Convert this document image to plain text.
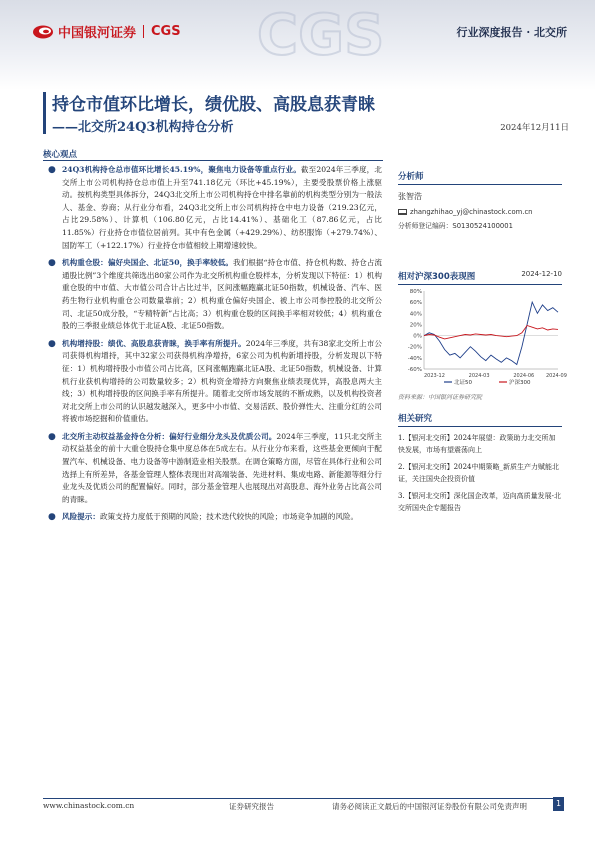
中国银河证券 CGS CGS	行业深度报告 · 北交所
持仓市值环比增长，绩优股、高股息获青睐
——北交所24Q3机构持仓分析	2024年12月11日
核心观点
● 24Q3机构持仓总市值环比增长45.19%，聚焦电力设备等重点行业。截至2024年三季度，北交所上市公司机构持仓总市值上升至741.18亿元（环比+45.19%），主要受股票价格上涨驱动。按机构类型具体拆分，24Q3北交所上市公司机构持仓中排名靠前的机构类型分别为一般法人、基金、券商；从行业分布看，24Q3北交所上市公司机构持仓中电力设备（219.23亿元，占比29.58%）、计算机（106.80亿元，占比14.41%）、基础化工（87.86亿元，占比11.85%）行业持仓市值位居前列。其中有色金属（+429.29%）、纺织服饰（+279.74%）、国防军工（+122.17%）行业持仓市值相较上期增速较快。
● 机构重仓股：偏好央国企、北证50，换手率较低。我们根据“持仓市值、持仓机构数、持仓占流通股比例”3个维度共筛选出80家公司作为北交所机构重仓股样本，分析发现以下特征：1）机构重仓股的中市值、大市值公司合计占比过半，区间涨幅跑赢北证50指数，机械设备、汽车、医药生物行业机构重仓公司数量靠前；2）机构重仓偏好央国企、被上市公司参控股的北交所公司、北证50成分股，“专精特新”占比高；3）机构重仓股的区间换手率相对较低；4）机构重仓股的三季报业绩总体优于北证A股、北证50指数。
● 机构增持股：绩优、高股息获青睐，换手率有所提升。2024年三季度，共有38家北交所上市公司获得机构增持，其中32家公司获得机构净增持，6家公司为机构新增持股，分析发现以下特征：1）机构增持股小市值公司占比高，区间涨幅跑赢北证A股、北证50指数，机械设备、计算机行业获机构增持的公司数量较多；2）机构资金增持方向聚焦业绩表现优异，高股息两大主线；3）机构增持股的区间换手率有所提升。随着北交所市场发展的不断成熟，以及机构投资者对北交所上市公司的认识越发越深入，更多中小市值、交易活跃、股价弹性大、注重分红的公司将被市场挖掘和价值重估。
● 北交所主动权益基金持仓分析：偏好行业细分龙头及优质公司。2024年三季度，11只北交所主动权益基金的前十大重仓股持仓集中度总体在5成左右。从行业分布来看，这些基金更倾向于配置汽车、机械设备、电力设备等中游制造业相关股票。在调仓策略方面，尽管在具体行业和公司选择上有所差异，各基金管理人整体表现出对高端装备、先进材料、集成电路、新能源等细分行业龙头及优质公司的配置偏好。同时，部分基金管理人也展现出对高股息、海外业务占比高公司的青睐。
● 风险提示：政策支持力度低于预期的风险；技术迭代较快的风险；市场竞争加剧的风险。
分析师
张智浩
zhangzhihao_yj@chinastock.com.cn
分析师登记编码：S0130524100001
相对沪深300表现图	2024-12-10
80%
60%
40%
20%
0%
-20%
-40%
-60%
2023-12	2024-03	2024-06 2024-09
北证50	沪深300
资料来源：中国银河证券研究院
相关研究
1.【银河北交所】2024年展望：政策助力北交所加快发展，市场有望震荡向上
2.【银河北交所】2024中期策略_新质生产力赋能北证，关注国央企投资价值
3.【银河北交所】深化国企改革，迈向高质量发展-北交所国央企专题报告
www.chinastock.com.cn	证券研究报告	请务必阅读正文最后的中国银河证券股份有限公司免责声明	1
